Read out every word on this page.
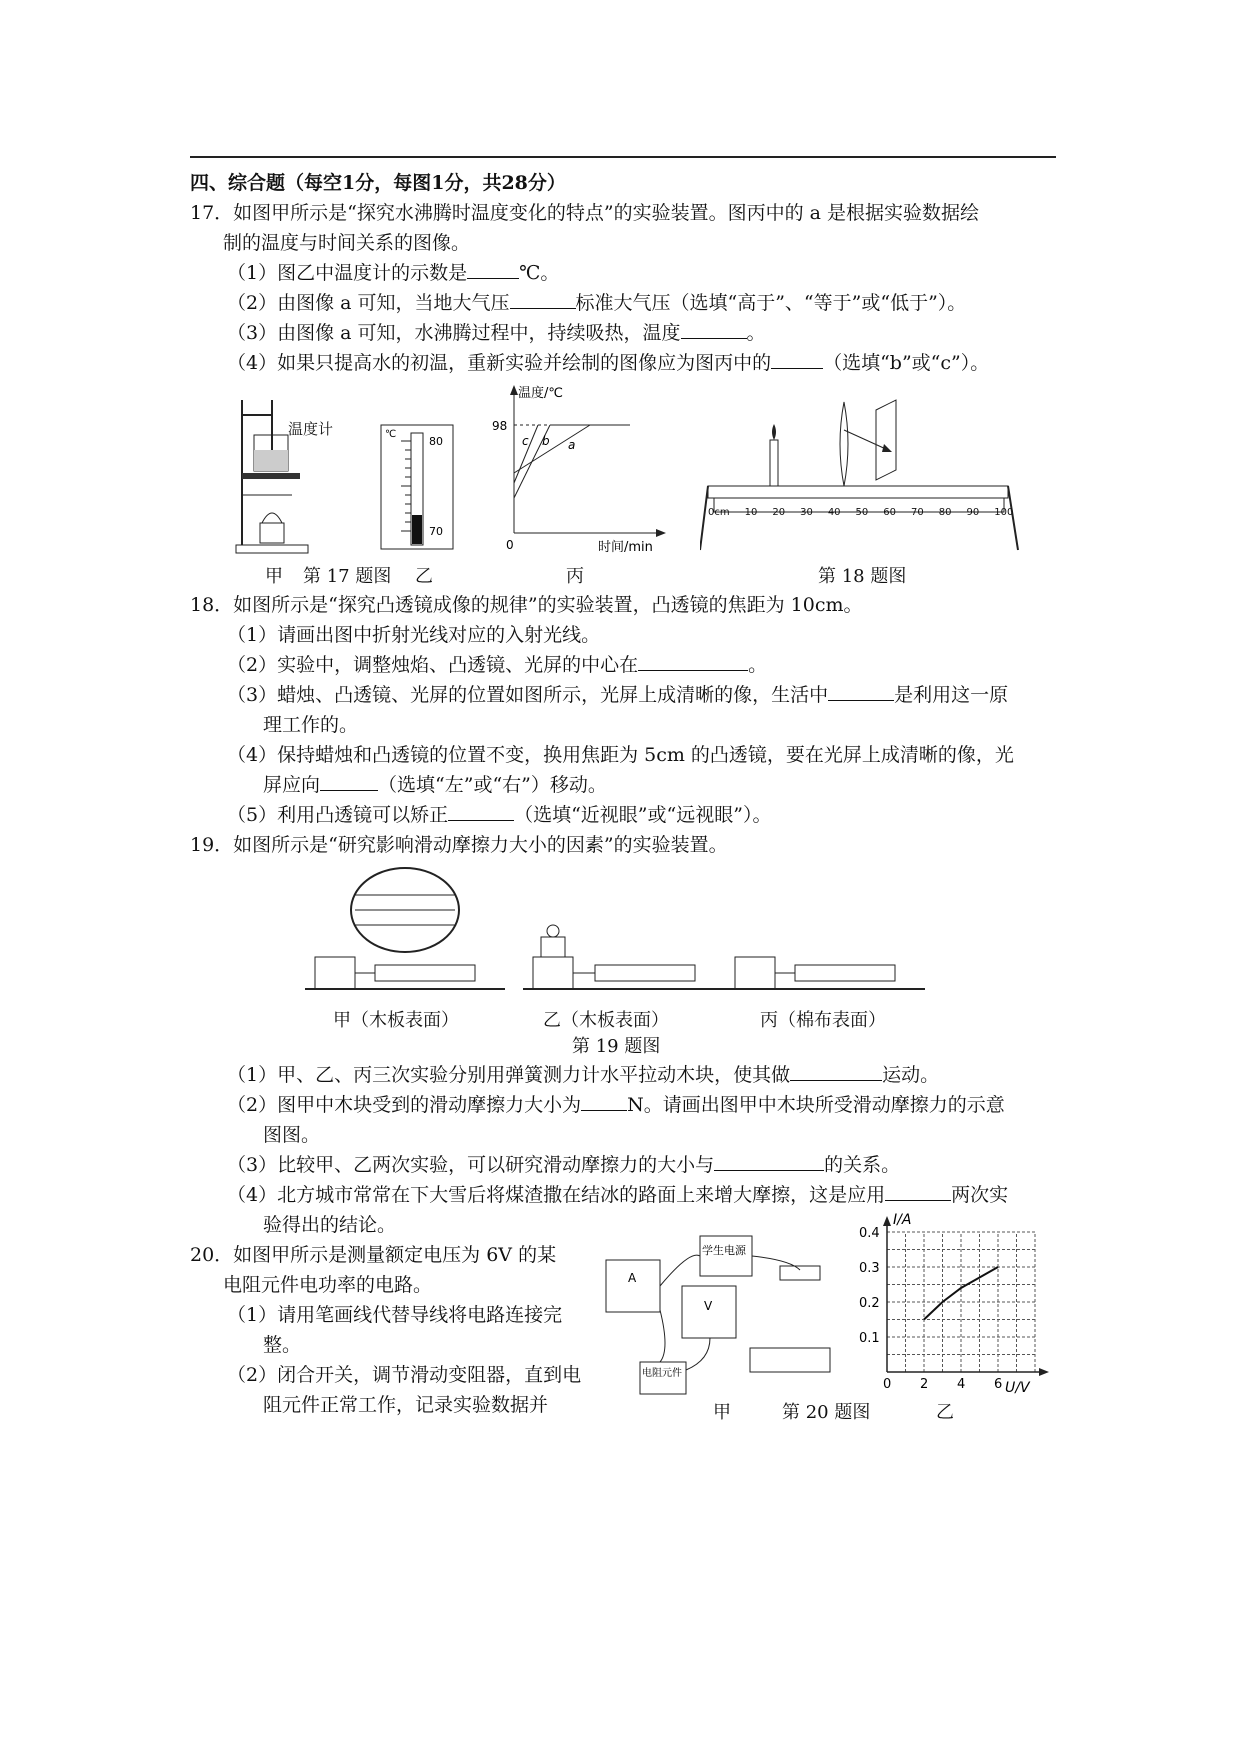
四、综合题（每空1分，每图1分，共28分）
17．如图甲所示是“探究水沸腾时温度变化的特点”的实验装置。图丙中的 a 是根据实验数据绘
制的温度与时间关系的图像。
（1）图乙中温度计的示数是	℃。
（2）由图像 a 可知，当地大气压	标准大气压（选填“高于”、“等于”或“低于”）。
（3）由图像 a 可知，水沸腾过程中，持续吸热，温度	。
（4）如果只提高水的初温，重新实验并绘制的图像应为图丙中的	（选填“b”或“c”）。
温度计	℃
80
70
温度/℃
98
0	时间/min
c b a
0cm 10 20 30 40 50 60 70 80 90 100
甲 第 17 题图 乙	丙	第 18 题图
18．如图所示是“探究凸透镜成像的规律”的实验装置，凸透镜的焦距为 10cm。
（1）请画出图中折射光线对应的入射光线。
（2）实验中，调整烛焰、凸透镜、光屏的中心在	。
（3）蜡烛、凸透镜、光屏的位置如图所示，光屏上成清晰的像，生活中	是利用这一原
理工作的。
（4）保持蜡烛和凸透镜的位置不变，换用焦距为 5cm 的凸透镜，要在光屏上成清晰的像，光
屏应向	（选填“左”或“右”）移动。
（5）利用凸透镜可以矫正	（选填“近视眼”或“远视眼”）。
19．如图所示是“研究影响滑动摩擦力大小的因素”的实验装置。
甲（木板表面）	乙（木板表面）	丙（棉布表面）
第 19 题图
（1）甲、乙、丙三次实验分别用弹簧测力计水平拉动木块，使其做	运动。
（2）图甲中木块受到的滑动摩擦力大小为 N。请画出图甲中木块所受滑动摩擦力的示意
图图。
（3）比较甲、乙两次实验，可以研究滑动摩擦力的大小与	的关系。
（4）北方城市常常在下大雪后将煤渣撒在结冰的路面上来增大摩擦，这是应用	两次实
验得出的结论。
20．如图甲所示是测量额定电压为 6V 的某
电阻元件电功率的电路。
（1）请用笔画线代替导线将电路连接完
整。
（2）闭合开关，调节滑动变阻器，直到电
阻元件正常工作，记录实验数据并
学生电源
A
V
电阻元件
甲	第 20 题图	乙
I/A
U/V
0 2 4 6
0.1
0.2
0.3
0.4
